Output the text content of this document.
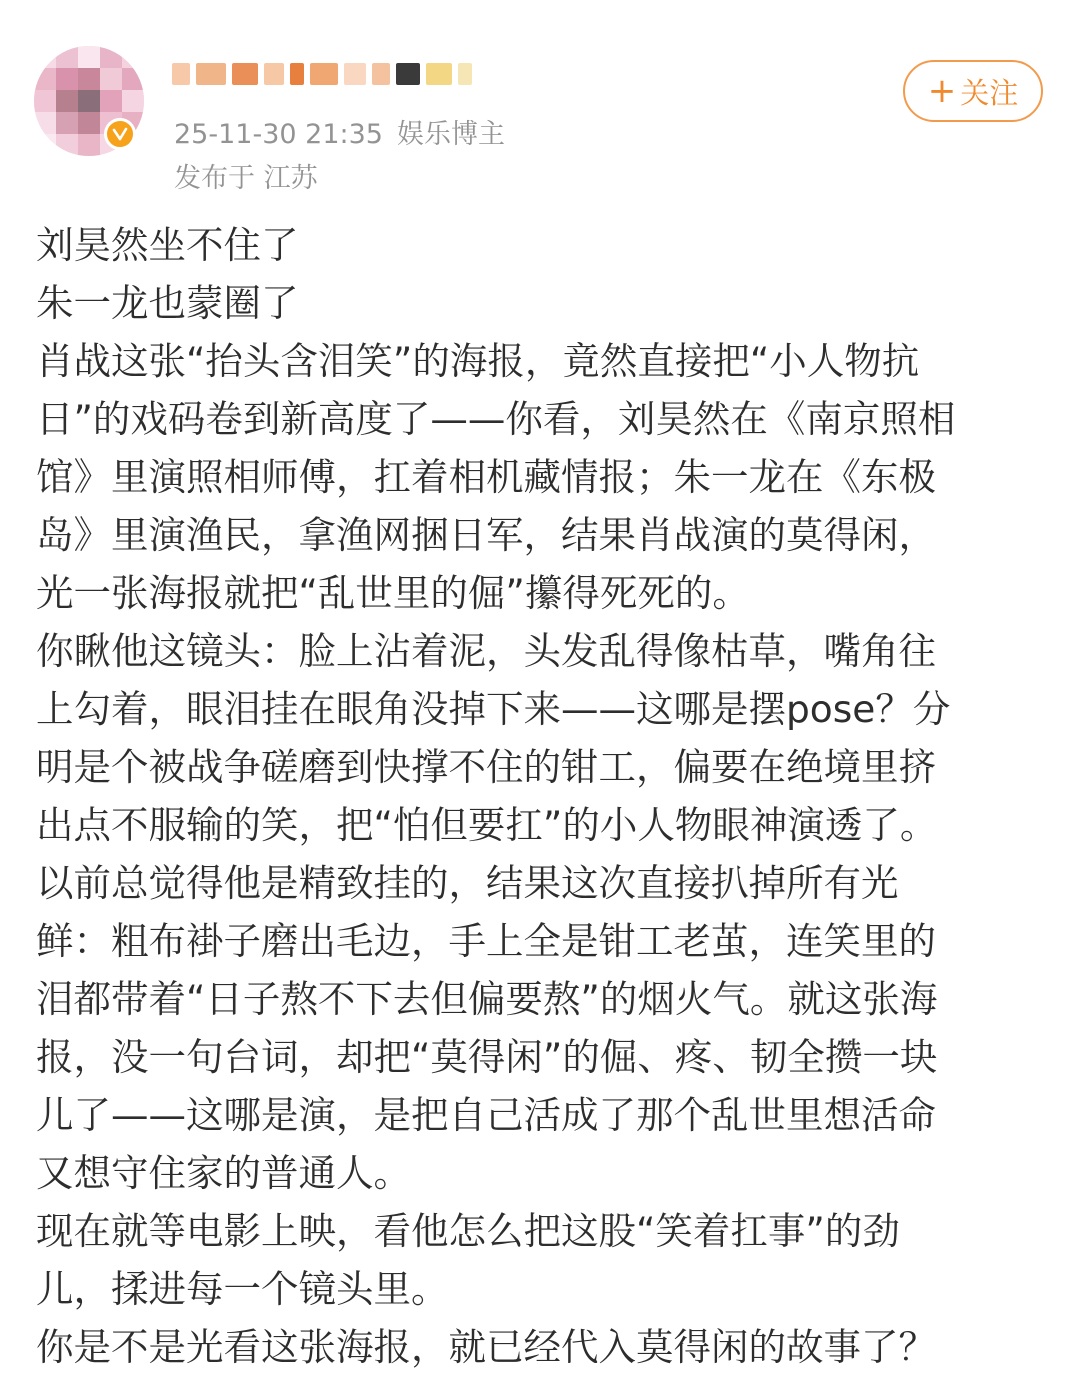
25-11-30 21:35 娱乐博主
发布于 江苏
+ 关注
刘昊然坐不住了
朱一龙也蒙圈了
肖战这张“抬头含泪笑”的海报，竟然直接把“小人物抗
日”的戏码卷到新高度了——你看，刘昊然在《南京照相
馆》里演照相师傅，扛着相机藏情报；朱一龙在《东极
岛》里演渔民，拿渔网捆日军，结果肖战演的莫得闲，
光一张海报就把“乱世里的倔”攥得死死的。
你瞅他这镜头：脸上沾着泥，头发乱得像枯草，嘴角往
上勾着，眼泪挂在眼角没掉下来——这哪是摆pose？分
明是个被战争磋磨到快撑不住的钳工，偏要在绝境里挤
出点不服输的笑，把“怕但要扛”的小人物眼神演透了。
以前总觉得他是精致挂的，结果这次直接扒掉所有光
鲜：粗布褂子磨出毛边，手上全是钳工老茧，连笑里的
泪都带着“日子熬不下去但偏要熬”的烟火气。就这张海
报，没一句台词，却把“莫得闲”的倔、疼、韧全攒一块
儿了——这哪是演，是把自己活成了那个乱世里想活命
又想守住家的普通人。
现在就等电影上映，看他怎么把这股“笑着扛事”的劲
儿，揉进每一个镜头里。
你是不是光看这张海报，就已经代入莫得闲的故事了？
